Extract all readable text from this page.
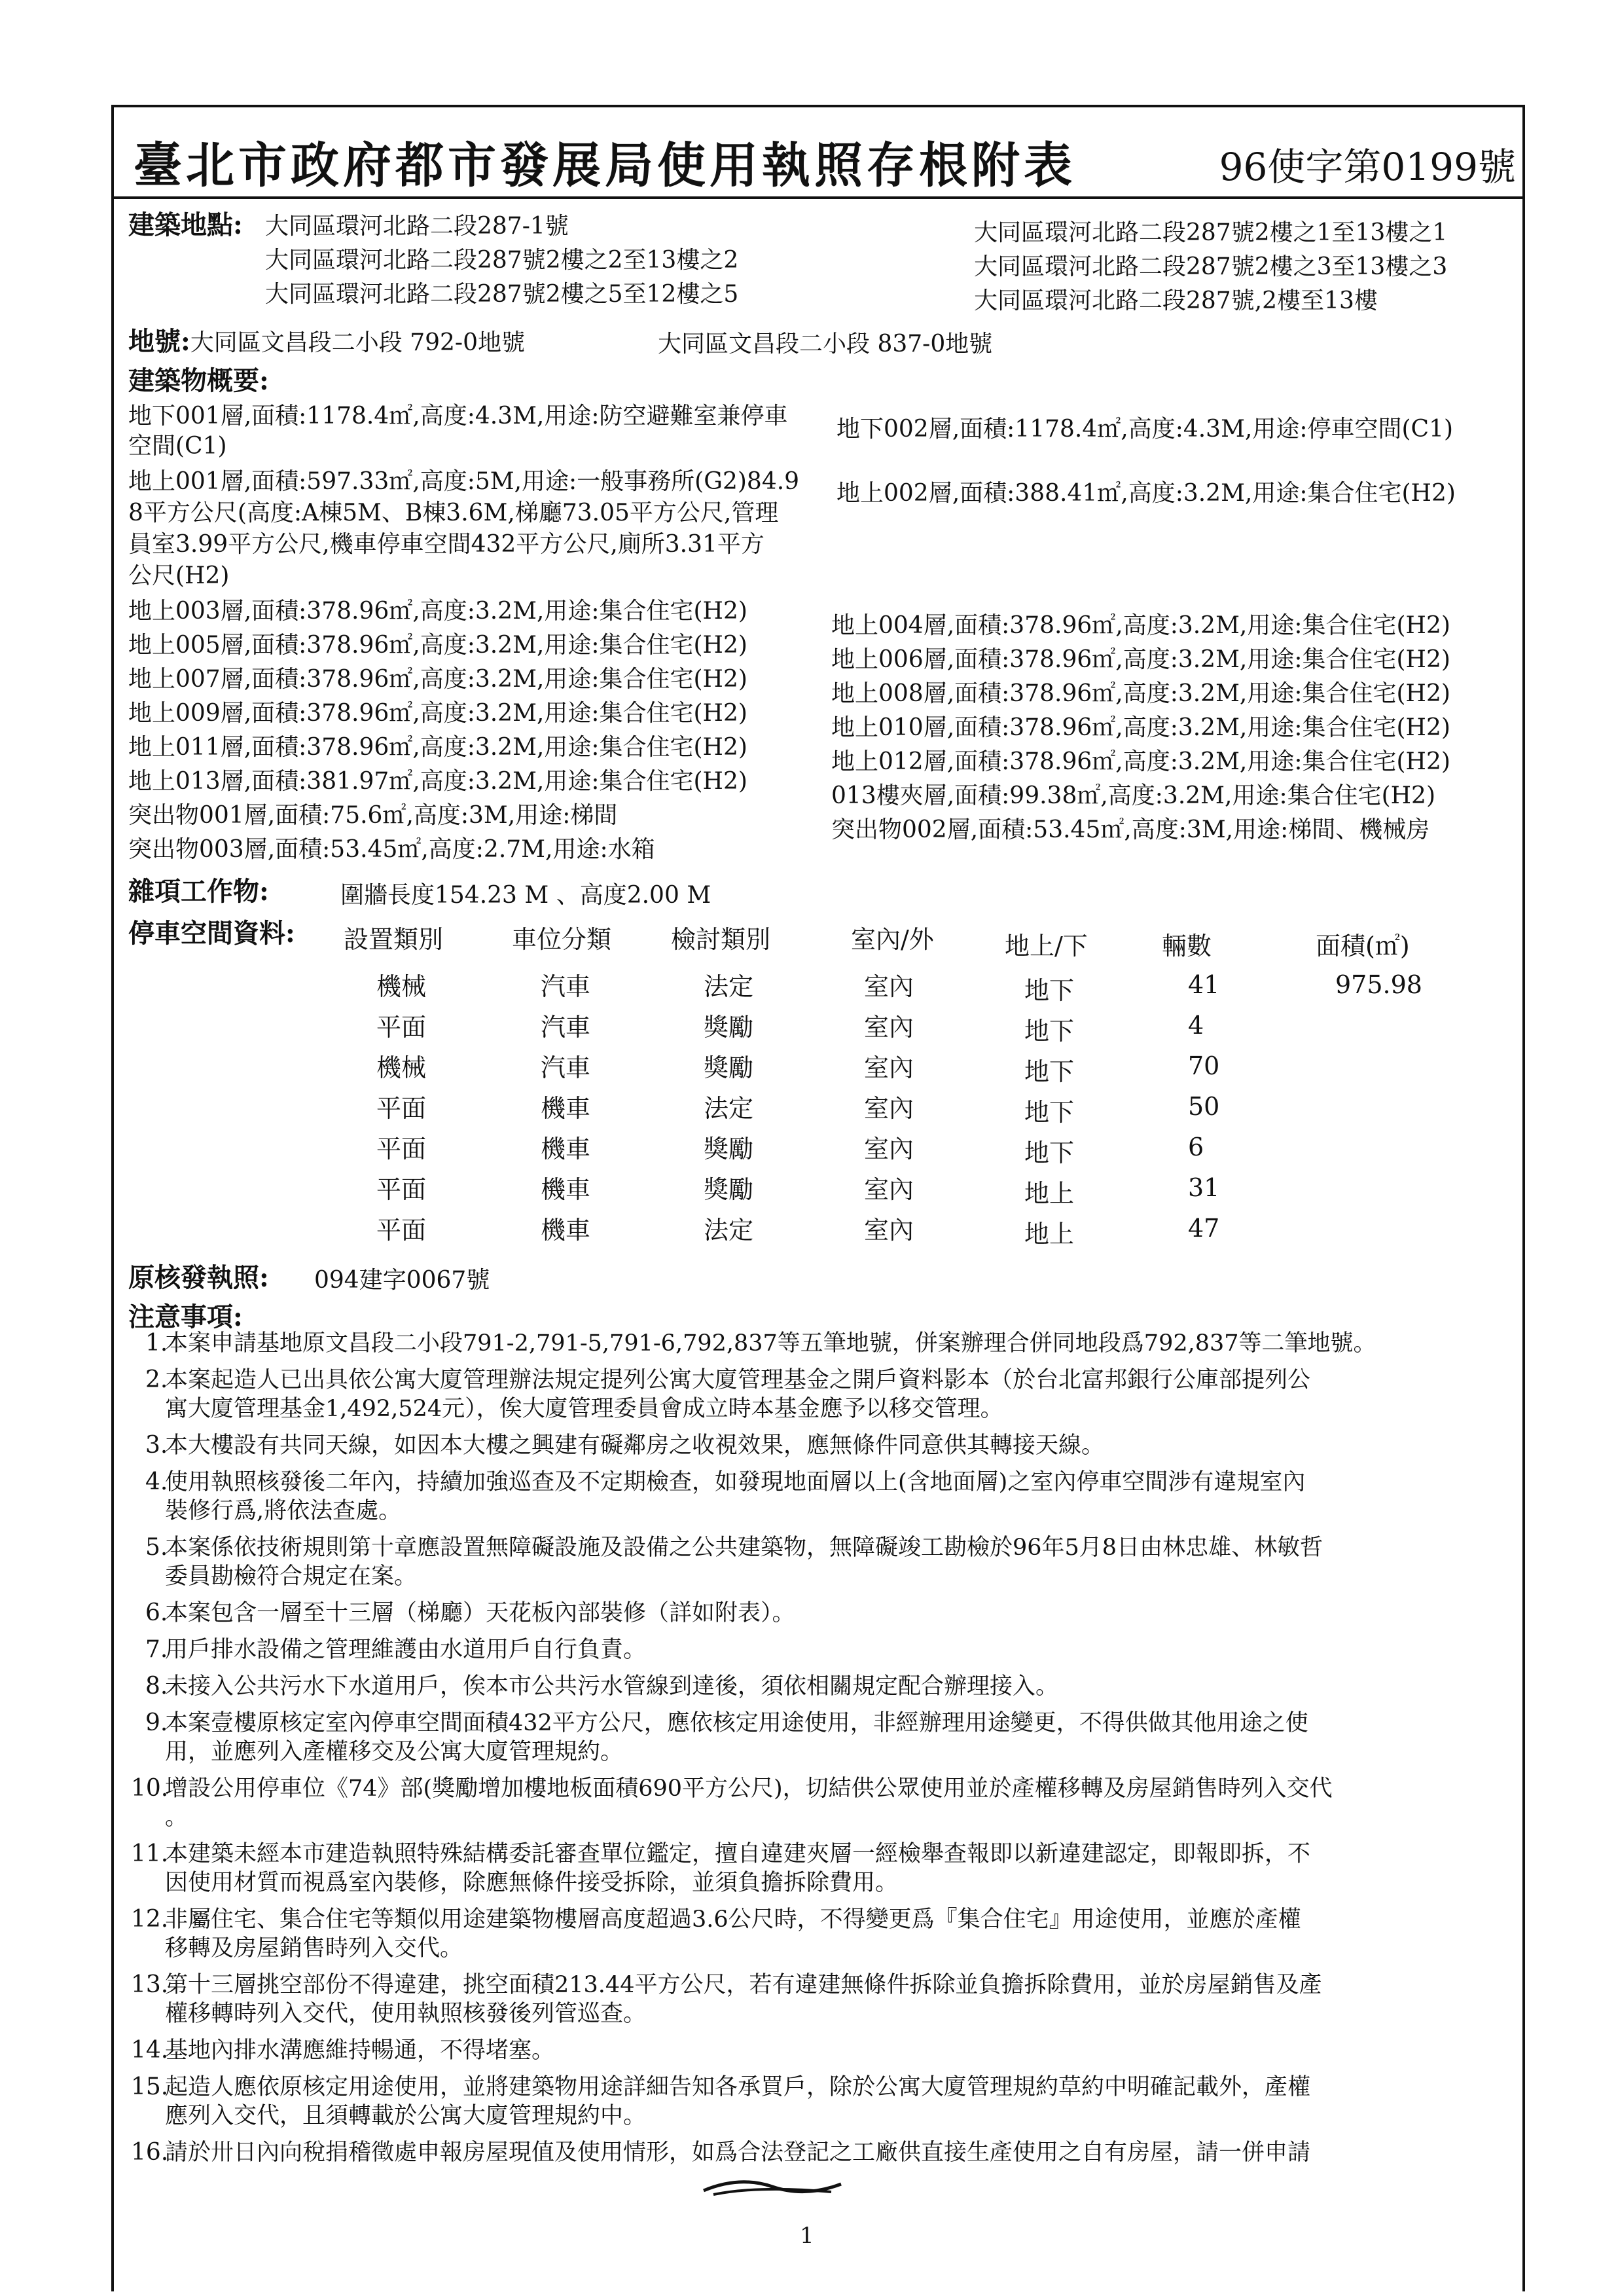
臺北市政府都市發展局使用執照存根附表	96使字第0199號
建築地點: 大同區環河北路二段287-1號
大同區環河北路二段287號2樓之2至13樓之2
大同區環河北路二段287號2樓之5至12樓之5
大同區環河北路二段287號2樓之1至13樓之1
大同區環河北路二段287號2樓之3至13樓之3
大同區環河北路二段287號,2樓至13樓
地號:大同區文昌段二小段 792-0地號	大同區文昌段二小段 837-0地號
建築物概要:
地下001層,面積:1178.4㎡,高度:4.3M,用途:防空避難室兼停車
空間(C1)
地下002層,面積:1178.4㎡,高度:4.3M,用途:停車空間(C1)
地上001層,面積:597.33㎡,高度:5M,用途:一般事務所(G2)84.9
8平方公尺(高度:A棟5M、B棟3.6M,梯廳73.05平方公尺,管理
員室3.99平方公尺,機車停車空間432平方公尺,廁所3.31平方
公尺(H2)
地上002層,面積:388.41㎡,高度:3.2M,用途:集合住宅(H2)
地上003層,面積:378.96㎡,高度:3.2M,用途:集合住宅(H2)
地上005層,面積:378.96㎡,高度:3.2M,用途:集合住宅(H2)
地上007層,面積:378.96㎡,高度:3.2M,用途:集合住宅(H2)
地上009層,面積:378.96㎡,高度:3.2M,用途:集合住宅(H2)
地上011層,面積:378.96㎡,高度:3.2M,用途:集合住宅(H2)
地上013層,面積:381.97㎡,高度:3.2M,用途:集合住宅(H2)
突出物001層,面積:75.6㎡,高度:3M,用途:梯間
突出物003層,面積:53.45㎡,高度:2.7M,用途:水箱
地上004層,面積:378.96㎡,高度:3.2M,用途:集合住宅(H2)
地上006層,面積:378.96㎡,高度:3.2M,用途:集合住宅(H2)
地上008層,面積:378.96㎡,高度:3.2M,用途:集合住宅(H2)
地上010層,面積:378.96㎡,高度:3.2M,用途:集合住宅(H2)
地上012層,面積:378.96㎡,高度:3.2M,用途:集合住宅(H2)
013樓夾層,面積:99.38㎡,高度:3.2M,用途:集合住宅(H2)
突出物002層,面積:53.45㎡,高度:3M,用途:梯間、機械房
雜項工作物:	圍牆長度154.23 M 、高度2.00 M
停車空間資料: 設置類別	車位分類 檢討類別	室內/外	地上/下	輛數	面積(㎡)
機械	汽車	法定	室內	地下	41	975.98
平面	汽車	獎勵	室內	地下	4
機械	汽車	獎勵	室內	地下	70
平面	機車	法定	室內	地下	50
平面	機車	獎勵	室內	地下	6
平面	機車	獎勵	室內	地上	31
平面	機車	法定	室內	地上	47
原核發執照: 094建字0067號
注意事項:
1.
本案申請基地原文昌段二小段791-2,791-5,791-6,792,837等五筆地號，併案辦理合併同地段爲792,837等二筆地號。
2.
本案起造人已出具依公寓大廈管理辦法規定提列公寓大廈管理基金之開戶資料影本（於台北富邦銀行公庫部提列公
寓大廈管理基金1,492,524元），俟大廈管理委員會成立時本基金應予以移交管理。
3.
本大樓設有共同天線，如因本大樓之興建有礙鄰房之收視效果，應無條件同意供其轉接天線。
4.
使用執照核發後二年內，持續加強巡查及不定期檢查，如發現地面層以上(含地面層)之室內停車空間涉有違規室內
裝修行爲,將依法查處。
5.
本案係依技術規則第十章應設置無障礙設施及設備之公共建築物，無障礙竣工勘檢於96年5月8日由林忠雄、林敏哲
委員勘檢符合規定在案。
6.
本案包含一層至十三層（梯廳）天花板內部裝修（詳如附表）。
7.
用戶排水設備之管理維護由水道用戶自行負責。
8.
未接入公共污水下水道用戶，俟本市公共污水管線到達後，須依相關規定配合辦理接入。
9.
本案壹樓原核定室內停車空間面積432平方公尺，應依核定用途使用，非經辦理用途變更，不得供做其他用途之使
用，並應列入產權移交及公寓大廈管理規約。
10.
增設公用停車位《74》部(獎勵增加樓地板面積690平方公尺)，切結供公眾使用並於產權移轉及房屋銷售時列入交代
。
11.
本建築未經本市建造執照特殊結構委託審查單位鑑定，擅自違建夾層一經檢舉查報即以新違建認定，即報即拆，不
因使用材質而視爲室內裝修，除應無條件接受拆除，並須負擔拆除費用。
12.
非屬住宅、集合住宅等類似用途建築物樓層高度超過3.6公尺時，不得變更爲『集合住宅』用途使用，並應於產權
移轉及房屋銷售時列入交代。
13.
第十三層挑空部份不得違建，挑空面積213.44平方公尺，若有違建無條件拆除並負擔拆除費用，並於房屋銷售及產
權移轉時列入交代，使用執照核發後列管巡查。
14.
基地內排水溝應維持暢通，不得堵塞。
15.
起造人應依原核定用途使用，並將建築物用途詳細告知各承買戶，除於公寓大廈管理規約草約中明確記載外，產權
應列入交代，且須轉載於公寓大廈管理規約中。
16.
請於卅日內向稅捐稽徵處申報房屋現值及使用情形，如爲合法登記之工廠供直接生產使用之自有房屋，請一併申請
1
